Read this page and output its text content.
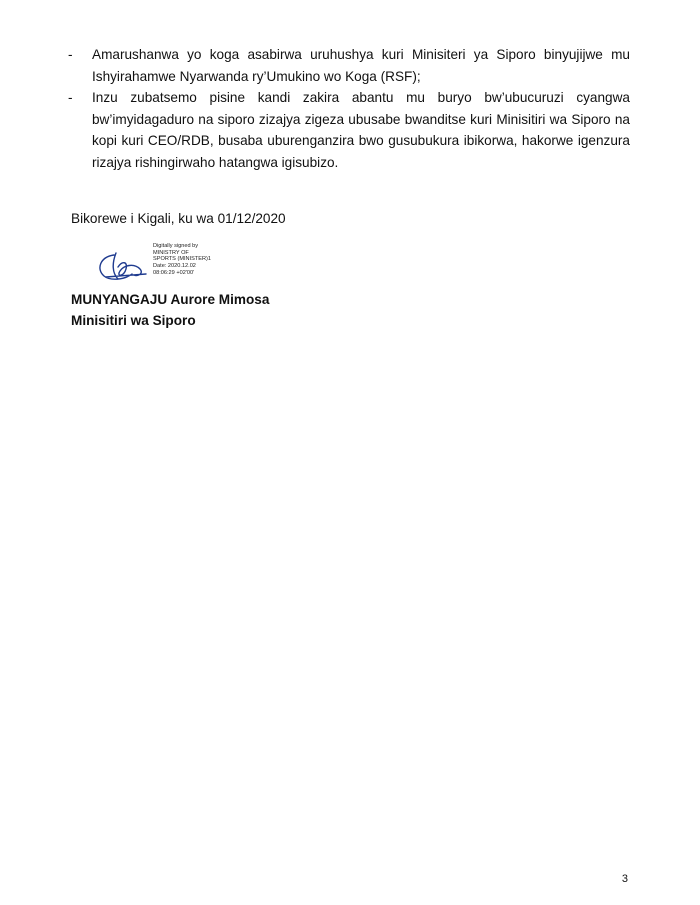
-	Amarushanwa yo koga asabirwa uruhushya kuri Minisiteri ya Siporo binyujijwe mu Ishyirahamwe Nyarwanda ry’Umukino wo Koga (RSF);
-	Inzu zubatsemo pisine kandi zakira abantu mu buryo bw’ubucuruzi cyangwa bw’imyidagaduro na siporo zizajya zigeza ubusabe bwanditse kuri Minisitiri wa Siporo na kopi kuri CEO/RDB, busaba uburenganzira bwo gusubukura ibikorwa, hakorwe igenzura rizajya rishingirwaho hatangwa igisubizo.
Bikorewe i Kigali, ku wa 01/12/2020
Digitally signed by
MINISTRY OF
SPORTS (MINISTER)1
Date: 2020.12.02
08:06:29 +02'00'
MUNYANGAJU Aurore Mimosa
Minisitiri wa Siporo
3
